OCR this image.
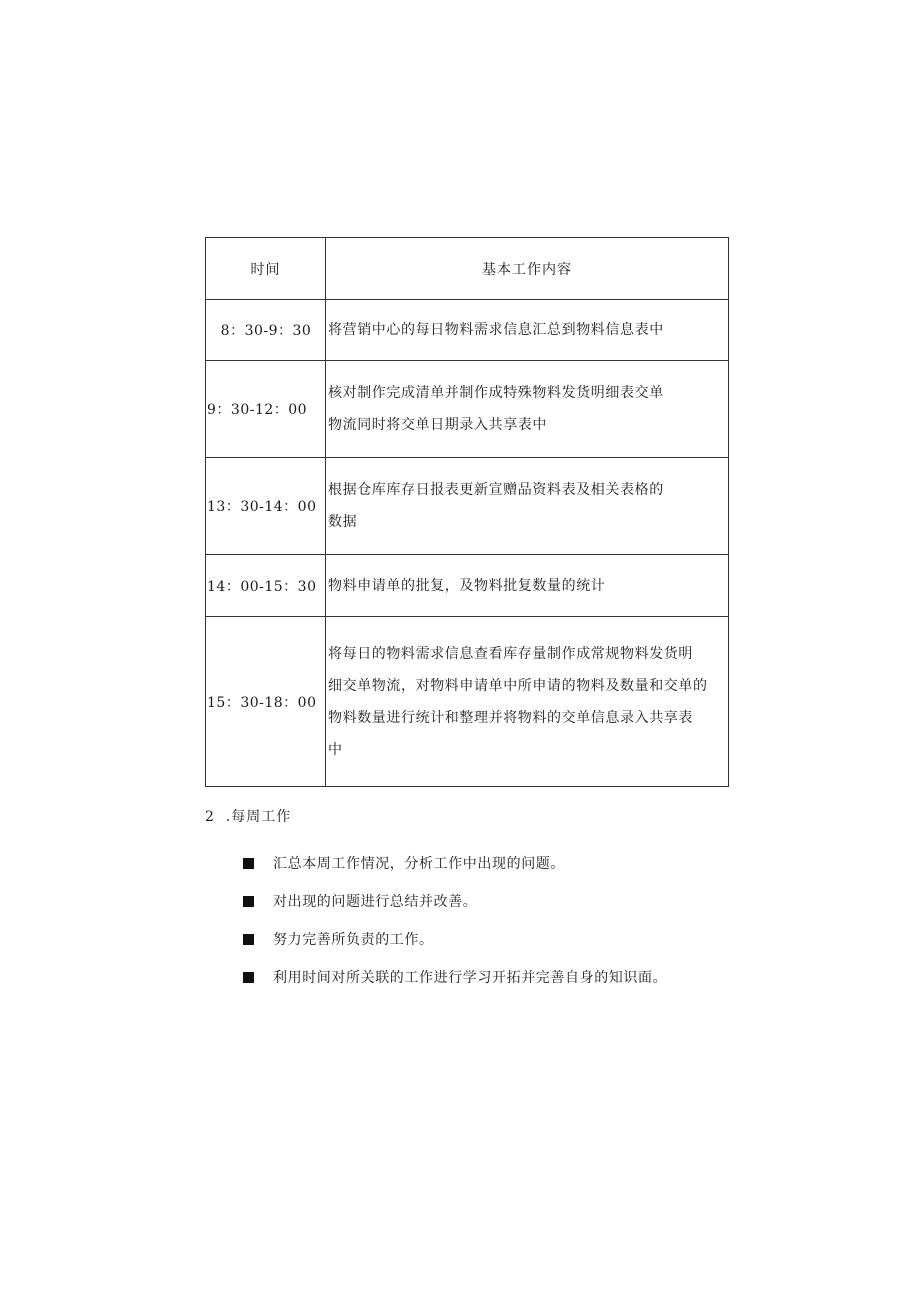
时间	基本工作内容
8：30-9：30	将营销中心的每日物料需求信息汇总到物料信息表中

9：30-12：00	核对制作完成清单并制作成特殊物料发货明细表交单
物流同时将交单日期录入共享表中

13：30-14：00	根据仓库库存日报表更新宣赠品资料表及相关表格的
数据

14：00-15：30	物料申请单的批复，及物料批复数量的统计

15：30-18：00	将每日的物料需求信息查看库存量制作成常规物料发货明
细交单物流，对物料申请单中所申请的物料及数量和交单的
物料数量进行统计和整理并将物料的交单信息录入共享表
中
2  .每周工作
汇总本周工作情况，分析工作中出现的问题。
对出现的问题进行总结并改善。
努力完善所负责的工作。
利用时间对所关联的工作进行学习开拓并完善自身的知识面。
